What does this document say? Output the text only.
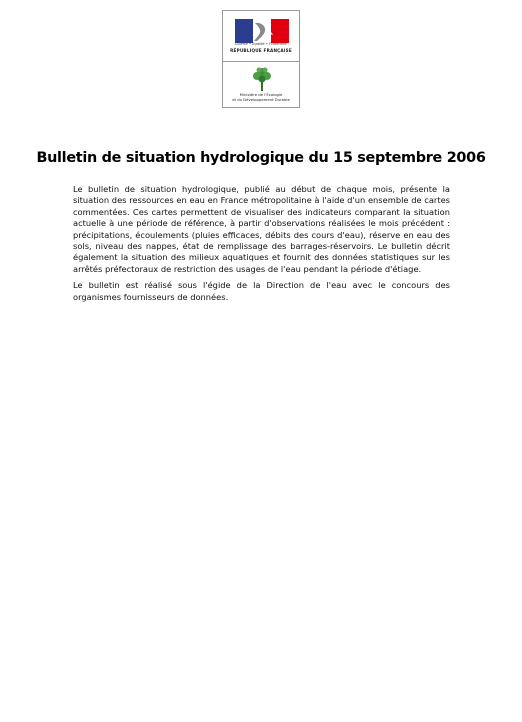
Liberté • Égalité • Fraternité
RÉPUBLIQUE FRANÇAISE
Ministère de l'Écologie
et du Développement Durable
Bulletin de situation hydrologique du 15 septembre 2006

Le bulletin de situation hydrologique, publié au début de chaque mois, présente la situation des ressources en eau en France métropolitaine à l'aide d'un ensemble de cartes commentées. Ces cartes permettent de visualiser des indicateurs comparant la situation actuelle à une période de référence, à partir d'observations réalisées le mois précédent : précipitations, écoulements (pluies efficaces, débits des cours d'eau), réserve en eau des sols, niveau des nappes, état de remplissage des barrages-réservoirs. Le bulletin décrit également la situation des milieux aquatiques et fournit des données statistiques sur les arrêtés préfectoraux de restriction des usages de l'eau pendant la période d'étiage.

Le bulletin est réalisé sous l'égide de la Direction de l'eau avec le concours des organismes fournisseurs de données.
